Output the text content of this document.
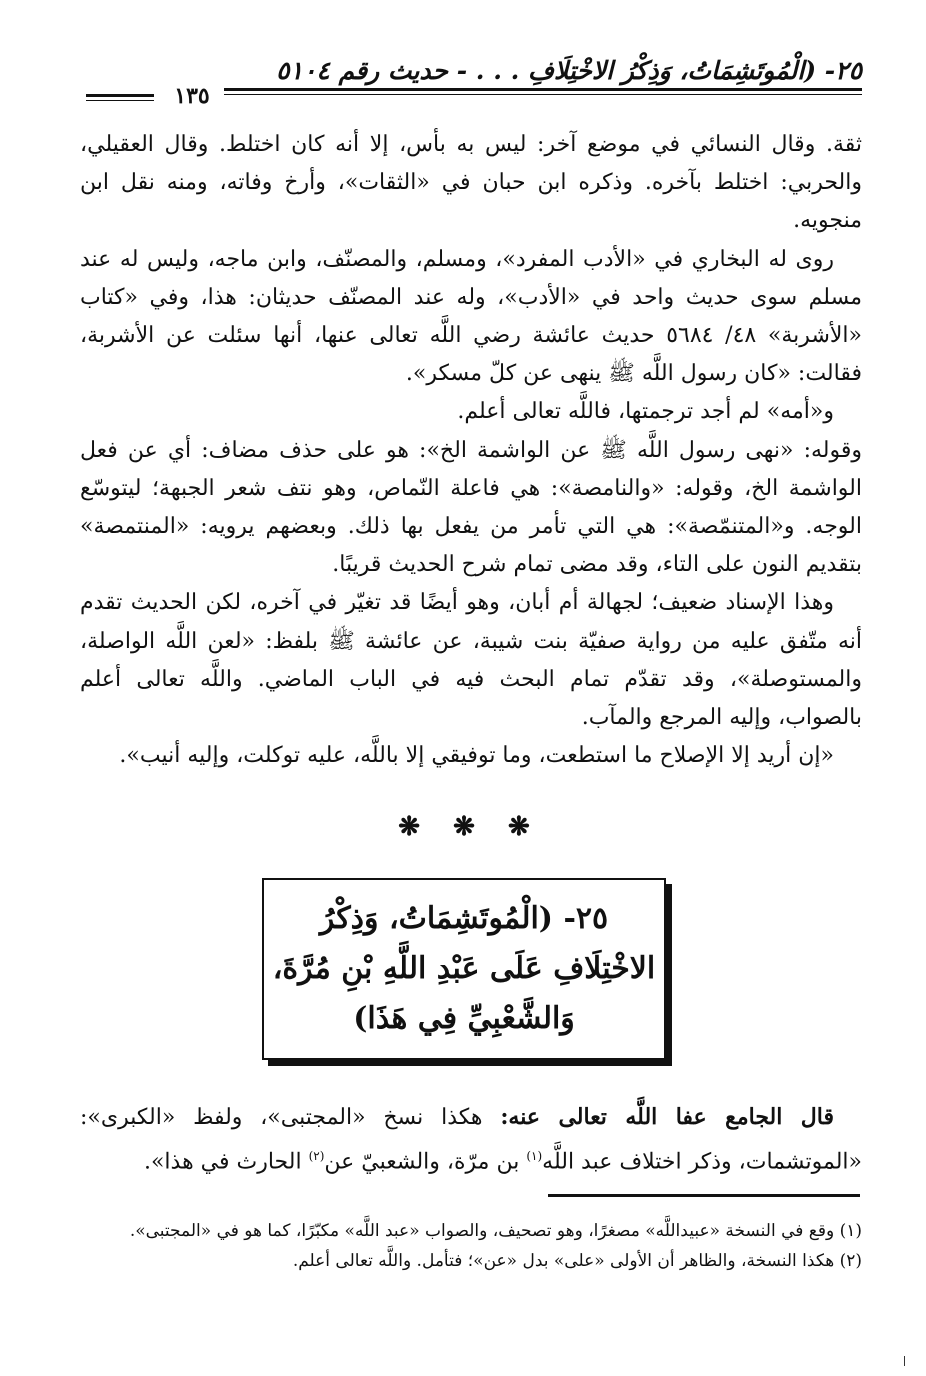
٢٥- (الْمُوتَشِمَاتُ، وَذِكْرُ الاخْتِلَافِ . . . - حديث رقم ٥١٠٤
١٣٥

ثقة. وقال النسائي في موضع آخر: ليس به بأس، إلا أنه كان اختلط. وقال العقيلي، والحربي: اختلط بآخره. وذكره ابن حبان في «الثقات»، وأرخ وفاته، ومنه نقل ابن منجويه.

روى له البخاري في «الأدب المفرد»، ومسلم، والمصنّف، وابن ماجه، وليس له عند مسلم سوى حديث واحد في «الأدب»، وله عند المصنّف حديثان: هذا، وفي «كتاب «الأشربة» ٤٨/ ٥٦٨٤ حديث عائشة رضي اللَّه تعالى عنها، أنها سئلت عن الأشربة، فقالت: «كان رسول اللَّه ﷺ ينهى عن كلّ مسكر».

و«أمه» لم أجد ترجمتها، فاللَّه تعالى أعلم.

وقوله: «نهى رسول اللَّه ﷺ عن الواشمة الخ»: هو على حذف مضاف: أي عن فعل الواشمة الخ، وقوله: «والنامصة»: هي فاعلة النّماص، وهو نتف شعر الجبهة؛ ليتوسّع الوجه. و«المتنمّصة»: هي التي تأمر من يفعل بها ذلك. وبعضهم يرويه: «المنتمصة» بتقديم النون على التاء، وقد مضى تمام شرح الحديث قريبًا.

وهذا الإسناد ضعيف؛ لجهالة أم أبان، وهو أيضًا قد تغيّر في آخره، لكن الحديث تقدم أنه متّفق عليه من رواية صفيّة بنت شيبة، عن عائشة ﷺ بلفظ: «لعن اللَّه الواصلة، والمستوصلة»، وقد تقدّم تمام البحث فيه في الباب الماضي. واللَّه تعالى أعلم بالصواب، وإليه المرجع والمآب.

«إن أريد إلا الإصلاح ما استطعت، وما توفيقي إلا باللَّه، عليه توكلت، وإليه أنيب».

❋ ❋ ❋
٢٥- (الْمُوتَشِمَاتُ، وَذِكْرُ
الاخْتِلَافِ عَلَى عَبْدِ اللَّهِ بْنِ مُرَّةَ،
وَالشَّعْبِيِّ فِي هَذَا)

قال الجامع عفا اللَّه تعالى عنه: هكذا نسخ «المجتبى»، ولفظ «الكبرى»: «الموتشمات، وذكر اختلاف عبد اللَّه$^{(١)}$ بن مرّة، والشعبيّ عن$^{(٢)}$ الحارث في هذا».

(١) وقع في النسخة «عبيداللَّه» مصغرًا، وهو تصحيف، والصواب «عبد اللَّه» مكبّرًا، كما هو في «المجتبى».

(٢) هكذا النسخة، والظاهر أن الأولى «على» بدل «عن»؛ فتأمل. واللَّه تعالى أعلم.
